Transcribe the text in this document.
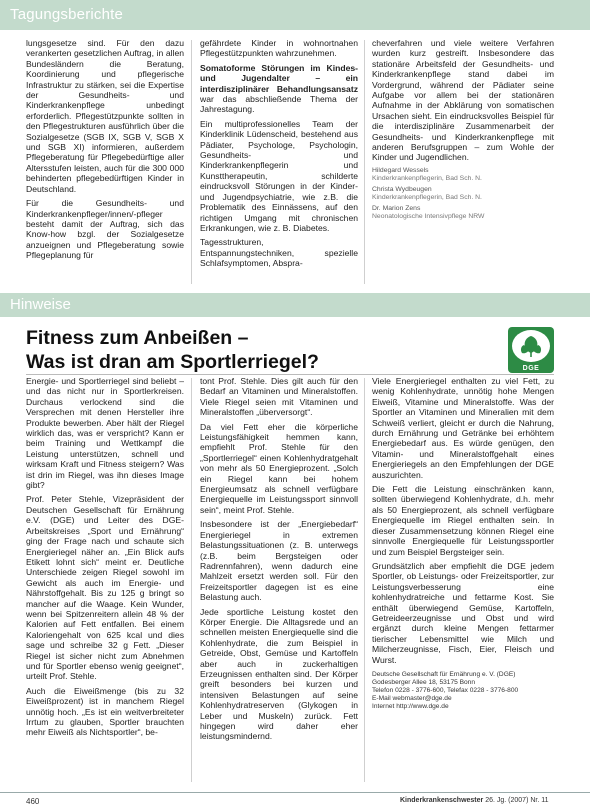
Tagungsberichte

lungsgesetze sind. Für den dazu verankerten gesetzlichen Auftrag, in allen Bundesländern die Beratung, Koordinierung und pflegerische Infrastruktur zu stärken, sei die Expertise der Gesundheits- und Kinderkrankenpflege unbedingt erforderlich. Pflegestützpunkte sollten in den Pflegestrukturen ausführlich über die Sozialgesetze (SGB IX, SGB V, SGB X und SGB XI) informieren, außerdem Pflegeberatung für Pflegebedürftige aller Altersstufen leisten, auch für die 300 000 behinderten pflegebedürftigen Kinder in Deutschland.

Für die Gesundheits- und Kinderkrankenpfleger/innen/-pfleger besteht damit der Auftrag, sich das Know-how bzgl. der Sozialgesetze anzueignen und Pflegeberatung sowie Pflegeplanung für

gefährdete Kinder in wohnortnahen Pflegestützpunkten wahrzunehmen.

Somatoforme Störungen im Kindes- und Jugendalter – ein interdisziplinärer Behandlungsansatz war das abschließende Thema der Jahrestagung.

Ein multiprofessionelles Team der Kinderklinik Lüdenscheid, bestehend aus Pädiater, Psychologe, Psychologin, Gesundheits- und Kinderkrankenpflegerin und Kunsttherapeutin, schilderte eindrucksvoll Störungen in der Kinder- und Jugendpsychiatrie, wie z.B. die Problematik des Einnässens, auf den richtigen Umgang mit chronischen Erkrankungen, wie z. B. Diabetes.

Tagesstrukturen, Entspannungstechniken, spezielle Schlafsymptomen, Abspra-

cheverfahren und viele weitere Verfahren wurden kurz gestreift. Insbesondere das stationäre Arbeitsfeld der Gesundheits- und Kinderkrankenpflege stand dabei im Vordergrund, während der Pädiater seine Aufgabe vor allem bei der stationären Aufnahme in der Abklärung von somatischen Ursachen sieht. Ein eindrucksvolles Beispiel für die interdisziplinäre Zusammenarbeit der Gesundheits- und Kinderkrankenpflege mit anderen Berufsgruppen – zum Wohle der Kinder und Jugendlichen.

Hildegard Wessels
Kinderkrankenpflegerin, Bad Sch. N.
Christa Wydbeugen
Kinderkrankenpflegerin, Bad Sch. N.
Dr. Marion Zens
Neonatologische Intensivpflege NRW
Hinweise
Fitness zum Anbeißen –
Was ist dran am Sportlerriegel?	DGE

Energie- und Sportlerriegel sind beliebt – und das nicht nur in Sportlerkreisen. Durchaus verlockend sind die Versprechen mit denen Hersteller ihre Produkte bewerben. Aber hält der Riegel wirklich das, was er verspricht? Kann er beim Training und Wettkampf die Leistung unterstützen, schnell und wirksam Kraft und Fitness steigern? Was ist drin im Riegel, was ihn dieses Image gibt?

Prof. Peter Stehle, Vizepräsident der Deutschen Gesellschaft für Ernährung e.V. (DGE) und Leiter des DGE-Arbeitskreises „Sport und Ernährung“ ging der Frage nach und schaute sich Energieriegel näher an. „Ein Blick aufs Etikett lohnt sich“ meint er. Deutliche Unterschiede zeigen Riegel sowohl im Gewicht als auch im Energie- und Nährstoffgehalt. Bis zu 125 g bringt so mancher auf die Waage. Kein Wunder, wenn bei Spitzenreitern allein 48 % der Kalorien auf Fett entfallen. Bei einem Kaloriengehalt von 625 kcal und dies sage und schreibe 32 g Fett. „Dieser Riegel ist sicher nicht zum Abnehmen und für Sportler ebenso wenig geeignet“, urteilt Prof. Stehle.

Auch die Eiweißmenge (bis zu 32 Eiweißprozent) ist in manchem Riegel unnötig hoch. „Es ist ein weitverbreiteter Irrtum zu glauben, Sportler brauchten mehr Eiweiß als Nichtsportler“, be-

tont Prof. Stehle. Dies gilt auch für den Bedarf an Vitaminen und Mineralstoffen. Viele Riegel seien mit Vitaminen und Mineralstoffen „überversorgt“.

Da viel Fett eher die körperliche Leistungsfähigkeit hemmen kann, empfiehlt Prof. Stehle für den „Sportlerriegel“ einen Kohlenhydratgehalt von mehr als 50 Energieprozent. „Solch ein Riegel kann bei hohem Energieumsatz als schnell verfügbare Energiequelle im Leistungssport sinnvoll sein“, meint Prof. Stehle.

Insbesondere ist der „Energiebedarf“ Energieriegel in extremen Belastungssituationen (z. B. unterwegs (z.B. beim Bergsteigen oder Radrennfahren), wenn dadurch eine Mahlzeit ersetzt werden soll. Für den Freizeitsportler dagegen ist es eine Belastung auch.

Jede sportliche Leistung kostet den Körper Energie. Die Alltagsrede und an schnellen meisten Energiequelle sind die Kohlenhydrate, die zum Beispiel in Getreide, Obst, Gemüse und Kartoffeln aber auch in zuckerhaltigen Erzeugnissen enthalten sind. Der Körper greift besonders bei kurzen und intensiven Belastungen auf seine Kohlenhydratreserven (Glykogen in Leber und Muskeln) zurück. Fett hingegen wird daher eher leistungsmindernd.

Viele Energieriegel enthalten zu viel Fett, zu wenig Kohlenhydrate, unnötig hohe Mengen Eiweiß, Vitamine und Mineralstoffe. Was der Sportler an Vitaminen und Mineralien mit dem Schweiß verliert, gleicht er durch die Nahrung, durch Ernährung und Getränke bei erhöhtem Energiebedarf aus. Es würde genügen, den Vitamin- und Mineralstoffgehalt eines Energieriegels an den Empfehlungen der DGE auszurichten.

Die Fett die Leistung einschränken kann, sollten überwiegend Kohlenhydrate, d.h. mehr als 50 Energieprozent, als schnell verfügbare Energiequelle im Riegel enthalten sein. In dieser Zusammensetzung können Riegel eine sinnvolle Energiequelle für Leistungssportler und zum Beispiel Bergsteiger sein.

Grundsätzlich aber empfiehlt die DGE jedem Sportler, ob Leistungs- oder Freizeitsportler, zur Leistungsverbesserung eine kohlenhydratreiche und fettarme Kost. Sie enthält überwiegend Gemüse, Kartoffeln, Getreideerzeugnisse und Obst und wird ergänzt durch kleine Mengen fettarmer tierischer Lebensmittel wie Milch und Milcherzeugnisse, Fisch, Eier, Fleisch und Wurst.

Deutsche Gesellschaft für Ernährung e. V. (DGE)
Godesberger Allee 18, 53175 Bonn
Telefon 0228 - 3776-600, Telefax 0228 - 3776-800
E-Mail webmaster@dge.de
Internet http://www.dge.de
460	Kinderkrankenschwester 26. Jg. (2007) Nr. 11
